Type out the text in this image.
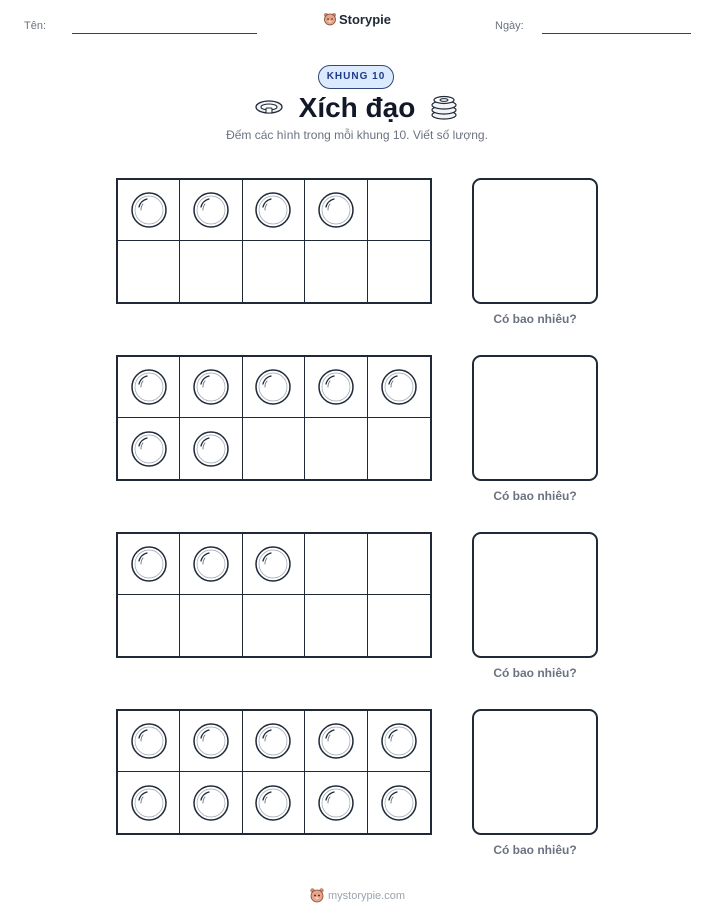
Tên:	Storypie	Ngày:
KHUNG 10
Xích đạo
Đếm các hình trong mỗi khung 10. Viết số lượng.
Có bao nhiêu?
Có bao nhiêu?
Có bao nhiêu?
Có bao nhiêu?
mystorypie.com
